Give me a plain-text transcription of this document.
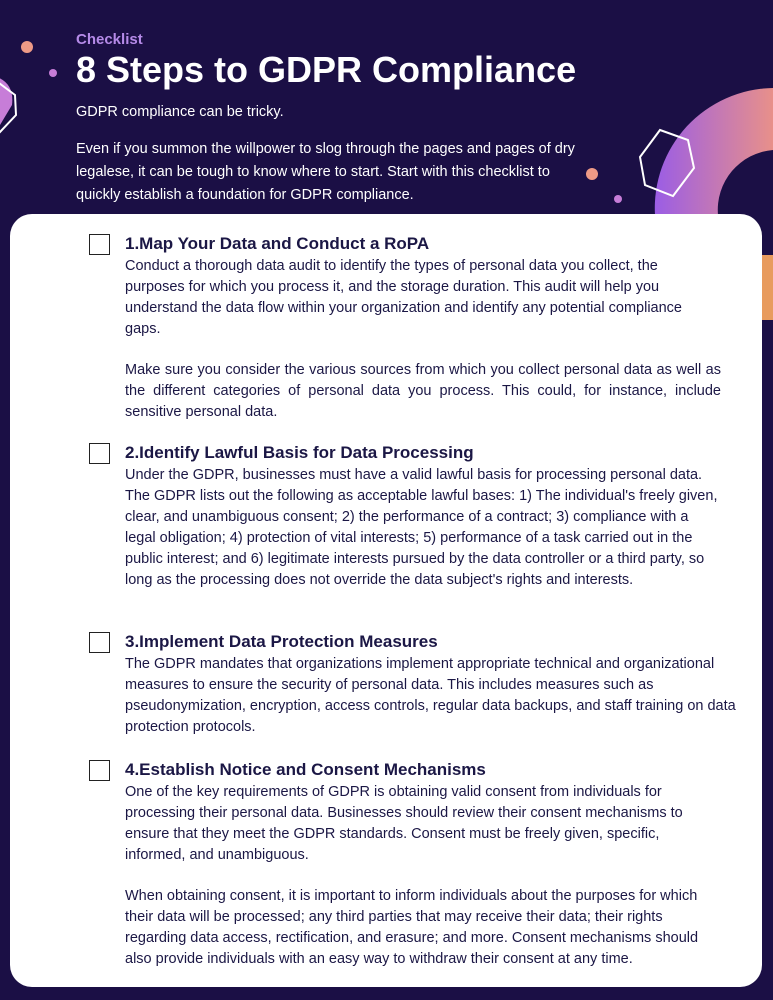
Checklist
8 Steps to GDPR Compliance

GDPR compliance can be tricky.

Even if you summon the willpower to slog through the pages and pages of dry legalese, it can be tough to know where to start. Start with this checklist to quickly establish a foundation for GDPR compliance.

1.Map Your Data and Conduct a RoPA

Conduct a thorough data audit to identify the types of personal data you collect, the purposes for which you process it, and the storage duration. This audit will help you understand the data flow within your organization and identify any potential compliance gaps.

Make sure you consider the various sources from which you collect personal data as well as the different categories of personal data you process. This could, for instance, include sensitive personal data.

2.Identify Lawful Basis for Data Processing

Under the GDPR, businesses must have a valid lawful basis for processing personal data. The GDPR lists out the following as acceptable lawful bases: 1) The individual's freely given, clear, and unambiguous consent; 2) the performance of a contract; 3) compliance with a legal obligation; 4) protection of vital interests; 5) performance of a task carried out in the public interest; and 6) legitimate interests pursued by the data controller or a third party, so long as the processing does not override the data subject's rights and interests.

3.Implement Data Protection Measures

The GDPR mandates that organizations implement appropriate technical and organizational measures to ensure the security of personal data. This includes measures such as pseudonymization, encryption, access controls, regular data backups, and staff training on data protection protocols.

4.Establish Notice and Consent Mechanisms

One of the key requirements of GDPR is obtaining valid consent from individuals for processing their personal data. Businesses should review their consent mechanisms to ensure that they meet the GDPR standards. Consent must be freely given, specific, informed, and unambiguous.

When obtaining consent, it is important to inform individuals about the purposes for which their data will be processed; any third parties that may receive their data; their rights regarding data access, rectification, and erasure; and more. Consent mechanisms should also provide individuals with an easy way to withdraw their consent at any time.
